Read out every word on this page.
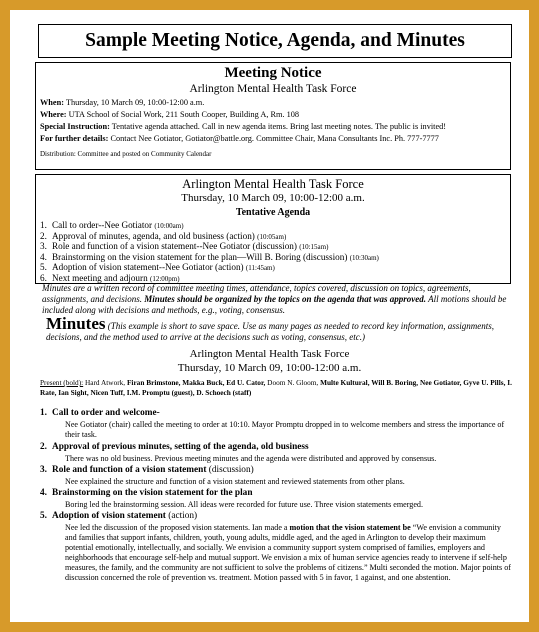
Sample Meeting Notice, Agenda, and Minutes
Meeting Notice
Arlington Mental Health Task Force
When: Thursday, 10 March 09, 10:00-12:00 a.m.
Where: UTA School of Social Work, 211 South Cooper, Building A, Rm. 108
Special Instruction: Tentative agenda attached. Call in new agenda items. Bring last meeting notes. The public is invited!
For further details: Contact Nee Gotiator, Gotiator@battle.org. Committee Chair, Mana Consultants Inc. Ph. 777-7777
Distribution: Committee and posted on Community Calendar
Arlington Mental Health Task Force
Thursday, 10 March 09, 10:00-12:00 a.m.
Tentative Agenda
1. Call to order--Nee Gotiator (10:00am)
2. Approval of minutes, agenda, and old business (action) (10:05am)
3. Role and function of a vision statement--Nee Gotiator (discussion) (10:15am)
4. Brainstorming on the vision statement for the plan—Will B. Boring (discussion) (10:30am)
5. Adoption of vision statement--Nee Gotiator (action) (11:45am)
6. Next meeting and adjourn (12:00pm)
Minutes are a written record of committee meeting times, attendance, topics covered, discussion on topics, agreements, assignments, and decisions. Minutes should be organized by the topics on the agenda that was approved. All motions should be included along with decisions and methods, e.g., voting, consensus.
Minutes (This example is short to save space. Use as many pages as needed to record key information, assignments, decisions, and the method used to arrive at the decisions such as voting, consensus, etc.)
Arlington Mental Health Task Force
Thursday, 10 March 09, 10:00-12:00 a.m.
Present (bold): Hard Atwork, Firan Brimstone, Makka Buck, Ed U. Cator, Doom N. Gloom, Multe Kultural, Will B. Boring, Nee Gotiator, Gyve U. Pills, I. Rate, Ian Sight, Nicen Tuff, I.M. Promptu (guest), D. Schoech (staff)
1. Call to order and welcome-
Nee Gotiator (chair) called the meeting to order at 10:10. Mayor Promptu dropped in to welcome members and stress the importance of their task.
2. Approval of previous minutes, setting of the agenda, old business
There was no old business. Previous meeting minutes and the agenda were distributed and approved by consensus.
3. Role and function of a vision statement (discussion)
Nee explained the structure and function of a vision statement and reviewed statements from other plans.
4. Brainstorming on the vision statement for the plan
Boring led the brainstorming session. All ideas were recorded for future use. Three vision statements emerged.
5. Adoption of vision statement (action)
Nee led the discussion of the proposed vision statements. Ian made a motion that the vision statement be “We envision a community and families that support infants, children, youth, young adults, middle aged, and the aged in Arlington to develop their maximum potential emotionally, intellectually, and socially. We envision a community support system comprised of families, employers and neighborhoods that encourage self-help and mutual support. We envision a mix of human service agencies ready to intervene if self-help measures, the family, and the community are not sufficient to solve the problems of citizens.” Multi seconded the motion. Major points of discussion concerned the role of prevention vs. treatment. Motion passed with 5 in favor, 1 against, and one abstention.
